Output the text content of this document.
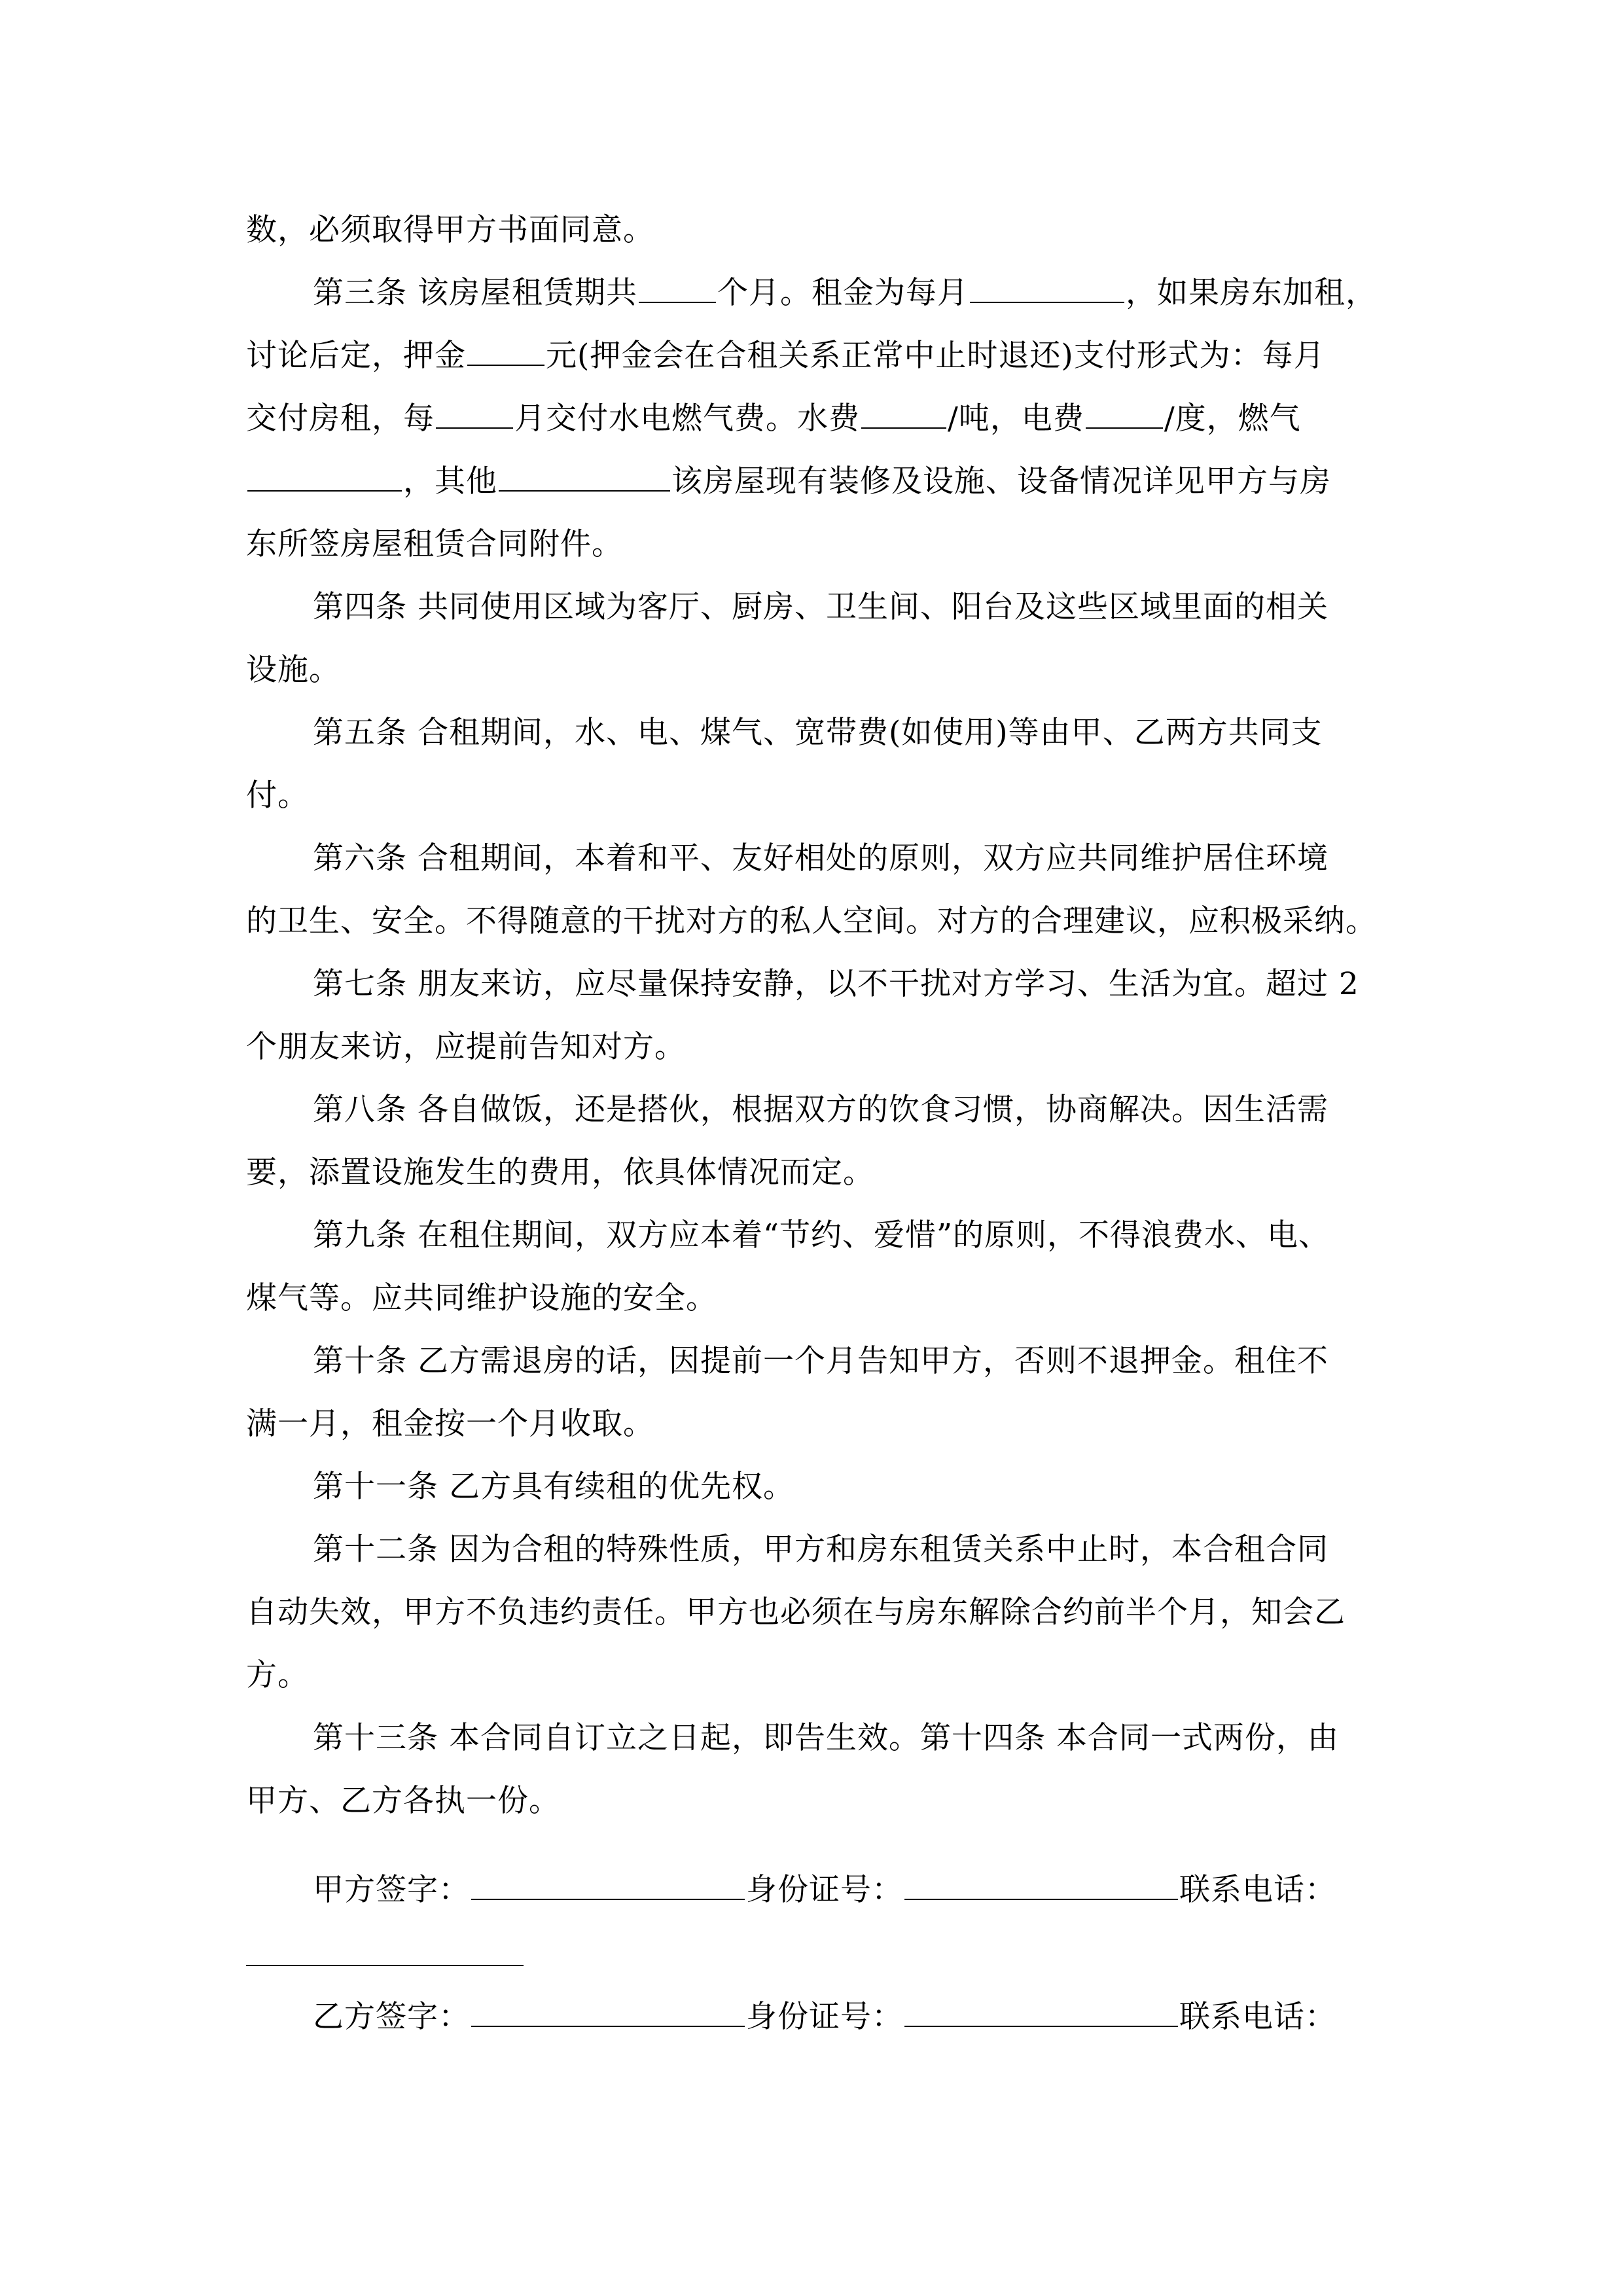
数，必须取得甲方书面同意。
第三条 该房屋租赁期共	个月。租金为每月	，如果房东加租，
讨论后定，押金	元(押金会在合租关系正常中止时退还)支付形式为：每月
交付房租，每	月交付水电燃气费。水费	/吨，电费	/度，燃气
，其他	该房屋现有装修及设施、设备情况详见甲方与房
东所签房屋租赁合同附件。
第四条 共同使用区域为客厅、厨房、卫生间、阳台及这些区域里面的相关
设施。
第五条 合租期间，水、电、煤气、宽带费(如使用)等由甲、乙两方共同支
付。
第六条 合租期间，本着和平、友好相处的原则，双方应共同维护居住环境
的卫生、安全。不得随意的干扰对方的私人空间。对方的合理建议，应积极采纳。
第七条 朋友来访，应尽量保持安静，以不干扰对方学习、生活为宜。超过 2
个朋友来访，应提前告知对方。
第八条 各自做饭，还是搭伙，根据双方的饮食习惯，协商解决。因生活需
要，添置设施发生的费用，依具体情况而定。
第九条 在租住期间，双方应本着“节约、爱惜”的原则，不得浪费水、电、
煤气等。应共同维护设施的安全。
第十条 乙方需退房的话，因提前一个月告知甲方，否则不退押金。租住不
满一月，租金按一个月收取。
第十一条 乙方具有续租的优先权。
第十二条 因为合租的特殊性质，甲方和房东租赁关系中止时，本合租合同
自动失效，甲方不负违约责任。甲方也必须在与房东解除合约前半个月，知会乙
方。
第十三条 本合同自订立之日起，即告生效。第十四条 本合同一式两份，由
甲方、乙方各执一份。
甲方签字：	身份证号：	联系电话：
乙方签字：	身份证号：	联系电话：
